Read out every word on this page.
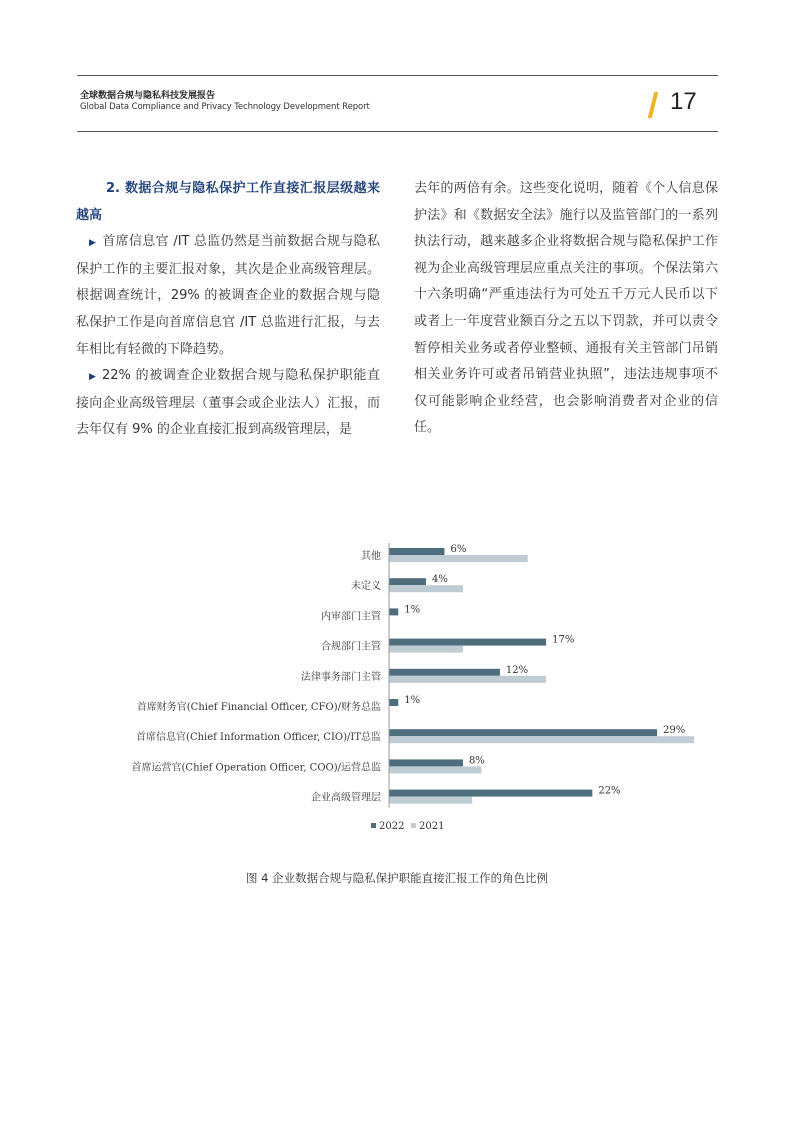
全球数据合规与隐私科技发展报告
Global Data Compliance and Privacy Technology Development Report	17

2. 数据合规与隐私保护工作直接汇报层级越来越高

▶ 首席信息官 /IT 总监仍然是当前数据合规与隐私保护工作的主要汇报对象，其次是企业高级管理层。根据调查统计，29% 的被调查企业的数据合规与隐私保护工作是向首席信息官 /IT 总监进行汇报，与去年相比有轻微的下降趋势。

▶ 22% 的被调查企业数据合规与隐私保护职能直接向企业高级管理层（董事会或企业法人）汇报，而去年仅有 9% 的企业直接汇报到高级管理层，是

去年的两倍有余。这些变化说明，随着《个人信息保护法》和《数据安全法》施行以及监管部门的一系列执法行动，越来越多企业将数据合规与隐私保护工作视为企业高级管理层应重点关注的事项。个保法第六十六条明确“严重违法行为可处五千万元人民币以下或者上一年度营业额百分之五以下罚款，并可以责令暂停相关业务或者停业整顿、通报有关主管部门吊销相关业务许可或者吊销营业执照”，违法违规事项不仅可能影响企业经营，也会影响消费者对企业的信任。

其他
6%
未定义
4%
内审部门主管
1%
合规部门主管
17%
法律事务部门主管
12%
首席财务官(Chief Financial Officer, CFO)/财务总监
1%
首席信息官(Chief Information Officer, CIO)/IT总监
29%
首席运营官(Chief Operation Officer, COO)/运营总监
8%
企业高级管理层
22%
2022 2021
图 4 企业数据合规与隐私保护职能直接汇报工作的角色比例
